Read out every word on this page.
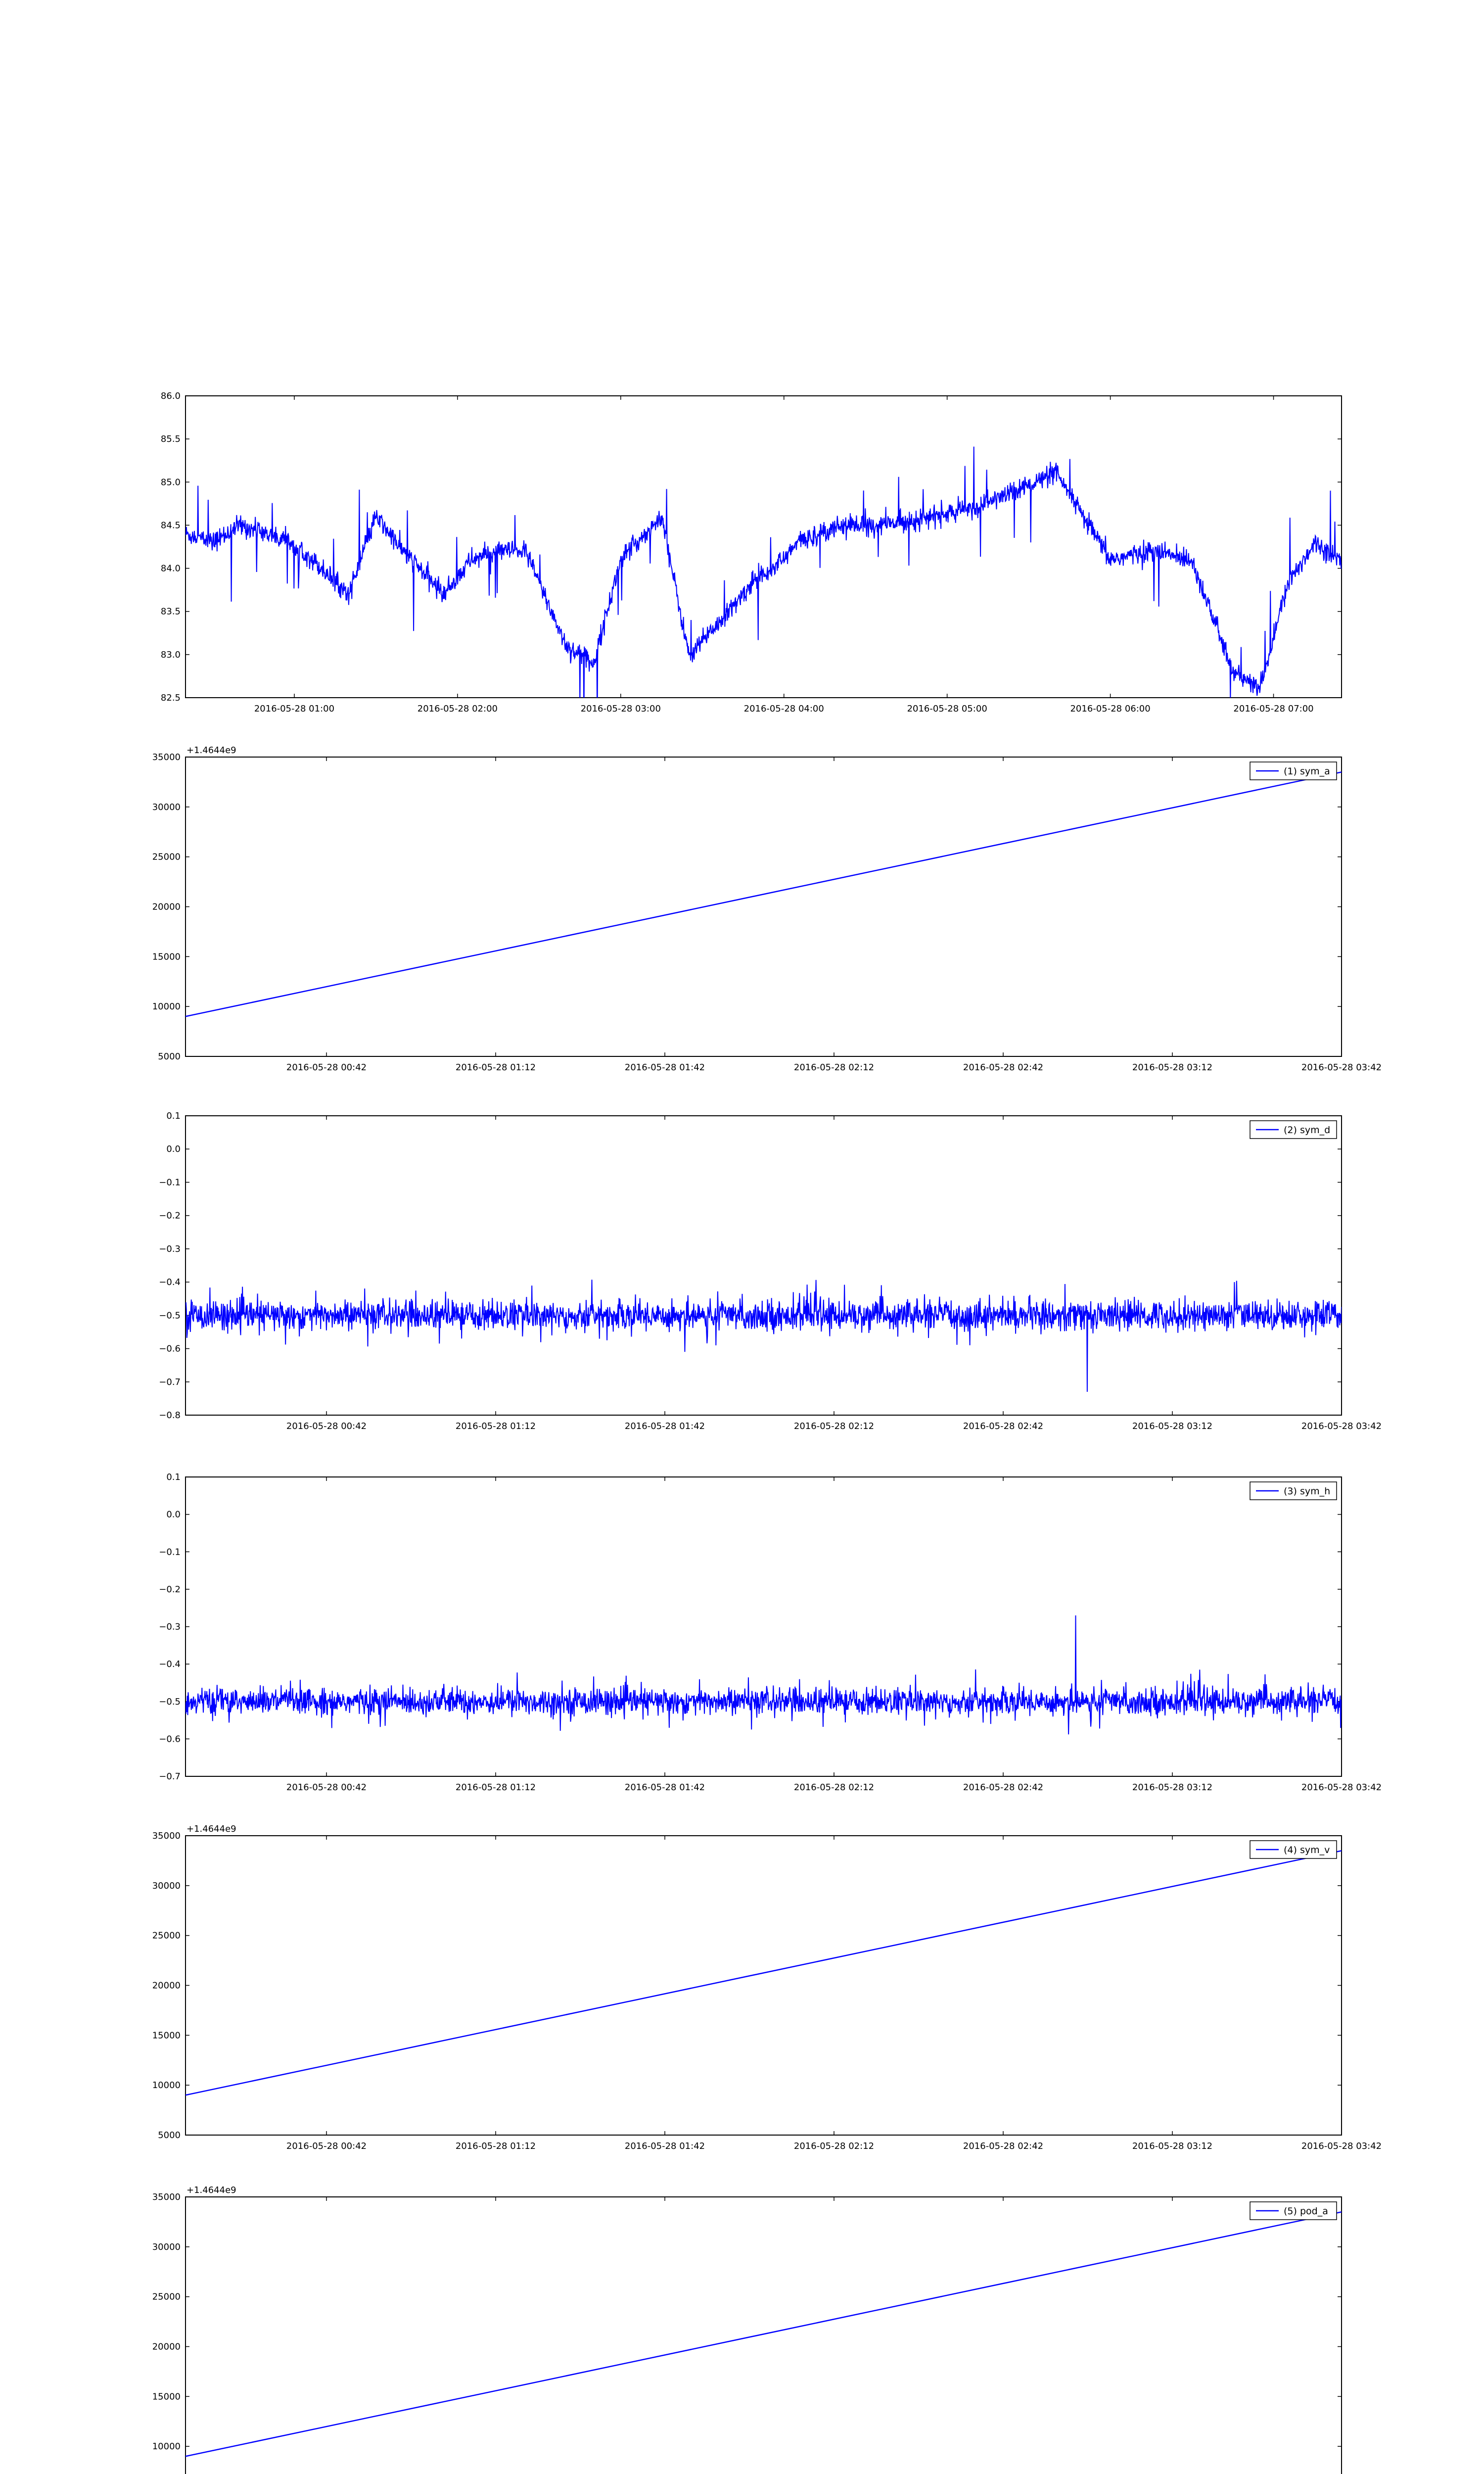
82.5
83.0
83.5
84.0
84.5
85.0
85.5
86.0
2016-05-28 01:00	2016-05-28 02:00	2016-05-28 03:00	2016-05-28 04:00	2016-05-28 05:00	2016-05-28 06:00	2016-05-28 07:00
5000
10000
15000
20000
25000
30000
35000
2016-05-28 00:42	2016-05-28 01:12	2016-05-28 01:42	2016-05-28 02:12	2016-05-28 02:42	2016-05-28 03:12	2016-05-28 03:42
+1.4644e9
(1) sym_a
−0.8
−0.7
−0.6
−0.5
−0.4
−0.3
−0.2
−0.1
0.0
0.1
2016-05-28 00:42	2016-05-28 01:12	2016-05-28 01:42	2016-05-28 02:12	2016-05-28 02:42	2016-05-28 03:12	2016-05-28 03:42
(2) sym_d
−0.7
−0.6
−0.5
−0.4
−0.3
−0.2
−0.1
0.0
0.1
2016-05-28 00:42	2016-05-28 01:12	2016-05-28 01:42	2016-05-28 02:12	2016-05-28 02:42	2016-05-28 03:12	2016-05-28 03:42
(3) sym_h
5000
10000
15000
20000
25000
30000
35000
2016-05-28 00:42	2016-05-28 01:12	2016-05-28 01:42	2016-05-28 02:12	2016-05-28 02:42	2016-05-28 03:12	2016-05-28 03:42
+1.4644e9
(4) sym_v
10000
15000
20000
25000
30000
35000
+1.4644e9
(5) pod_a
